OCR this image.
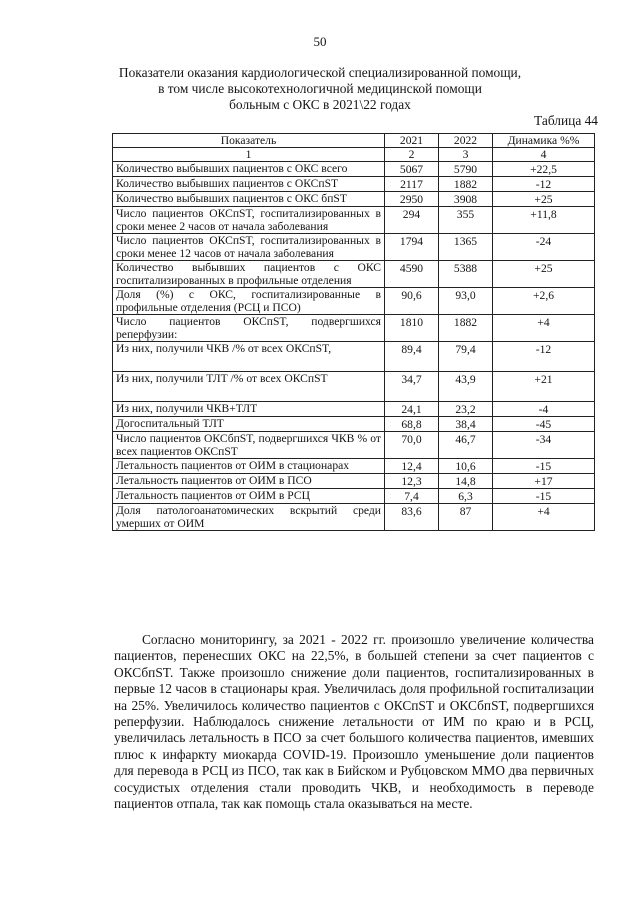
50
Показатели оказания кардиологической специализированной помощи,
в том числе высокотехнологичной медицинской помощи
больным с ОКС в 2021\22 годах
Таблица 44
Показатель	2021	2022	Динамика %%
1	2	3	4
Количество выбывших пациентов с ОКС всего	5067	5790	+22,5
Количество выбывших пациентов с ОКСпST	2117	1882	-12
Количество выбывших пациентов с ОКС бпST	2950	3908	+25
Число пациентов ОКСпST, госпитализированных в сроки менее 2 часов от начала заболевания	294	355	+11,8
Число пациентов ОКСпST, госпитализированных в сроки менее 12 часов от начала заболевания	1794	1365	-24
Количество выбывших пациентов с ОКС госпитализированных в профильные отделения	4590	5388	+25
Доля (%) с ОКС, госпитализированные в профильные отделения (РСЦ и ПСО)	90,6	93,0	+2,6
Число пациентов ОКСпST, подвергшихся реперфузии:	1810	1882	+4
Из них, получили ЧКВ /% от всех ОКСпST,	89,4	79,4	-12
Из них, получили ТЛТ /% от всех ОКСпST	34,7	43,9	+21
Из них, получили ЧКВ+ТЛТ	24,1	23,2	-4
Догоспитальный ТЛТ	68,8	38,4	-45
Число пациентов ОКСбпST, подвергшихся ЧКВ % от всех пациентов ОКСпST	70,0	46,7	-34
Летальность пациентов от ОИМ в стационарах	12,4	10,6	-15
Летальность пациентов от ОИМ в ПСО	12,3	14,8	+17
Летальность пациентов от ОИМ в РСЦ	7,4	6,3	-15
Доля патологоанатомических вскрытий среди умерших от ОИМ	83,6	87	+4

Согласно мониторингу, за 2021 - 2022 гг. произошло увеличение количества пациентов, перенесших ОКС на 22,5%, в большей степени за счет пациентов с ОКСбпST. Также произошло снижение доли пациентов, госпитализированных в первые 12 часов в стационары края. Увеличилась доля профильной госпитализации на 25%. Увеличилось количество пациентов с ОКСпST и ОКСбпST, подвергшихся реперфузии. Наблюдалось снижение летальности от ИМ по краю и в РСЦ, увеличилась летальность в ПСО за счет большого количества пациентов, имевших плюс к инфаркту миокарда COVID-19. Произошло уменьшение доли пациентов для перевода в РСЦ из ПСО, так как в Бийском и Рубцовском ММО два первичных сосудистых отделения стали проводить ЧКВ, и необходимость в переводе пациентов отпала, так как помощь стала оказываться на месте.
